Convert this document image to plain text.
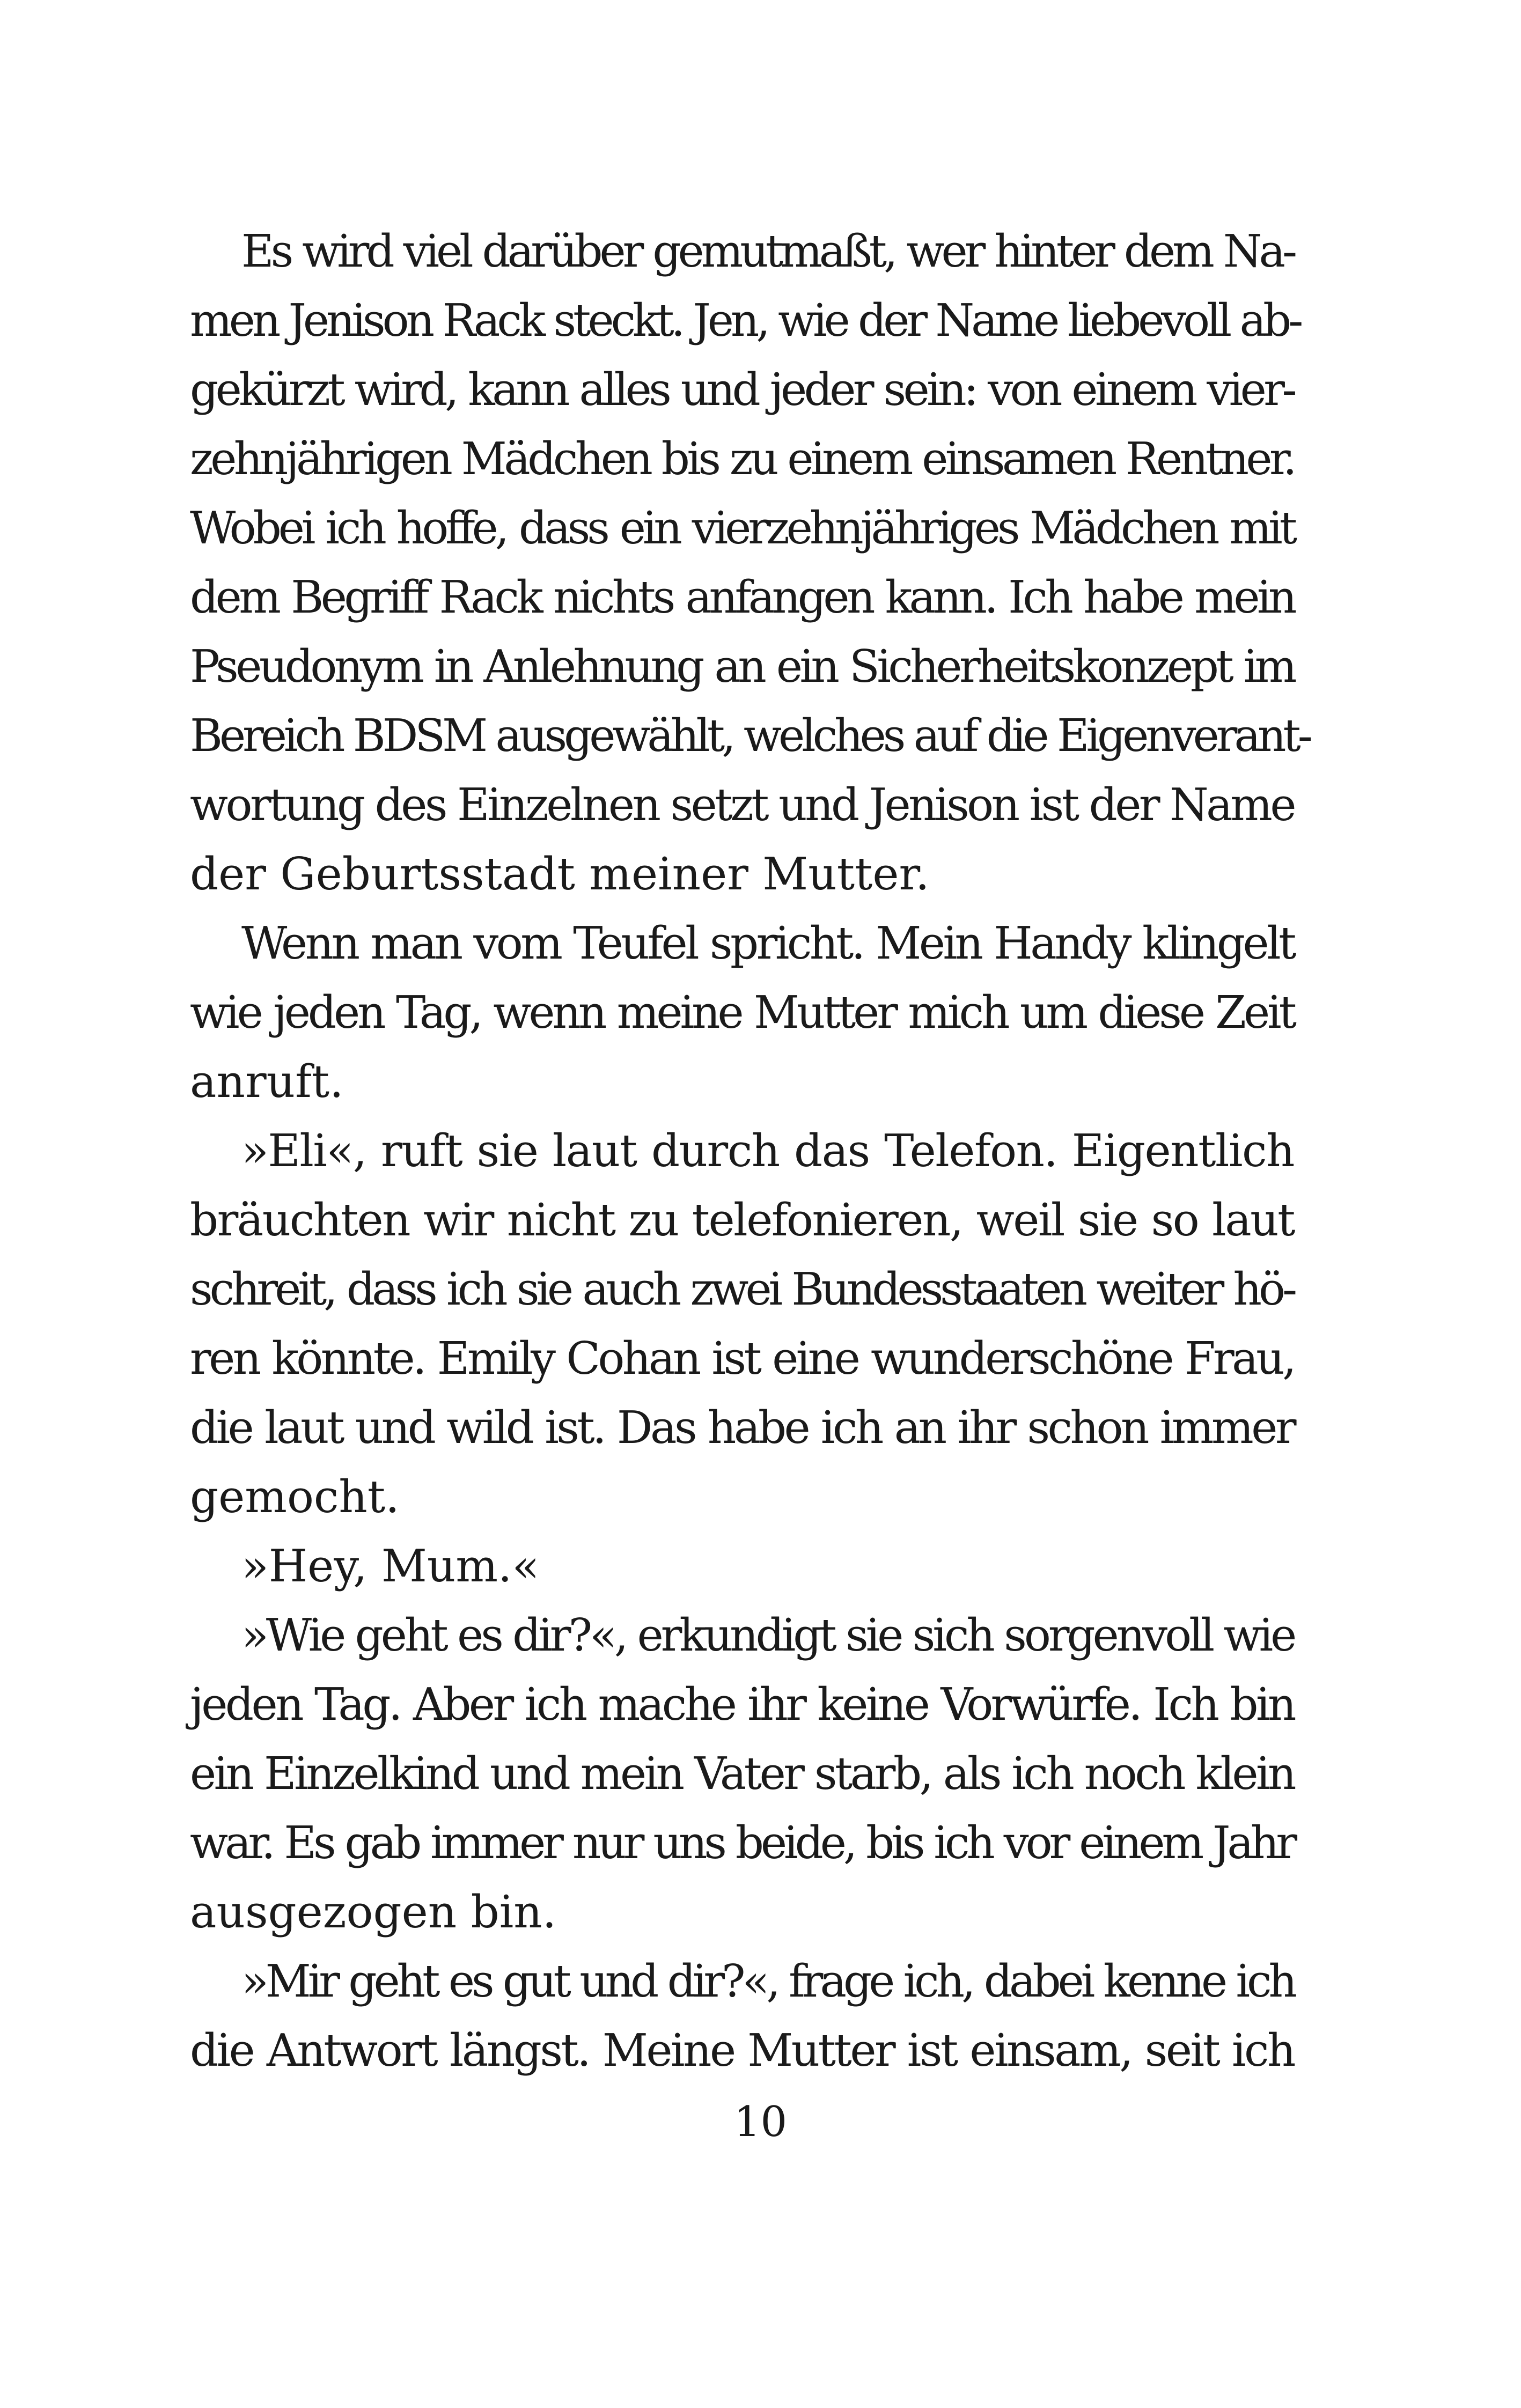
Es wird viel darüber gemutmaßt, wer hinter dem Na-
men Jenison Rack steckt. Jen, wie der Name liebevoll ab-
gekürzt wird, kann alles und jeder sein: von einem vier-
zehnjährigen Mädchen bis zu einem einsamen Rentner.
Wobei ich hoffe, dass ein vierzehnjähriges Mädchen mit
dem Begriff Rack nichts anfangen kann. Ich habe mein
Pseudonym in Anlehnung an ein Sicherheitskonzept im
Bereich BDSM ausgewählt, welches auf die Eigenverant-
wortung des Einzelnen setzt und Jenison ist der Name
der Geburtsstadt meiner Mutter.
Wenn man vom Teufel spricht. Mein Handy klingelt
wie jeden Tag, wenn meine Mutter mich um diese Zeit
anruft.
»Eli«, ruft sie laut durch das Telefon. Eigentlich
bräuchten wir nicht zu telefonieren, weil sie so laut
schreit, dass ich sie auch zwei Bundesstaaten weiter hö-
ren könnte. Emily Cohan ist eine wunderschöne Frau,
die laut und wild ist. Das habe ich an ihr schon immer
gemocht.
»Hey, Mum.«
»Wie geht es dir?«, erkundigt sie sich sorgenvoll wie
jeden Tag. Aber ich mache ihr keine Vorwürfe. Ich bin
ein Einzelkind und mein Vater starb, als ich noch klein
war. Es gab immer nur uns beide, bis ich vor einem Jahr
ausgezogen bin.
»Mir geht es gut und dir?«, frage ich, dabei kenne ich
die Antwort längst. Meine Mutter ist einsam, seit ich
10
